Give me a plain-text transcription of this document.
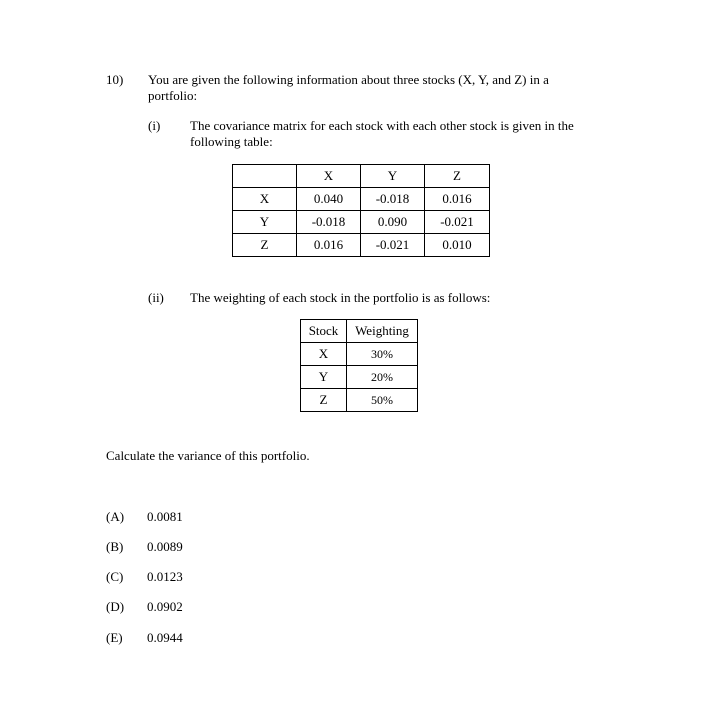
10) You are given the following information about three stocks (X, Y, and Z) in a
portfolio:
(i) The covariance matrix for each stock with each other stock is given in the
following table:
	X	Y	Z
X	0.040	-0.018	0.016
Y	-0.018	0.090	-0.021
Z	0.016	-0.021	0.010
(ii) The weighting of each stock in the portfolio is as follows:
Stock	Weighting
X	30%
Y	20%
Z	50%
Calculate the variance of this portfolio.
(A) 0.0081
(B) 0.0089
(C) 0.0123
(D) 0.0902
(E) 0.0944
